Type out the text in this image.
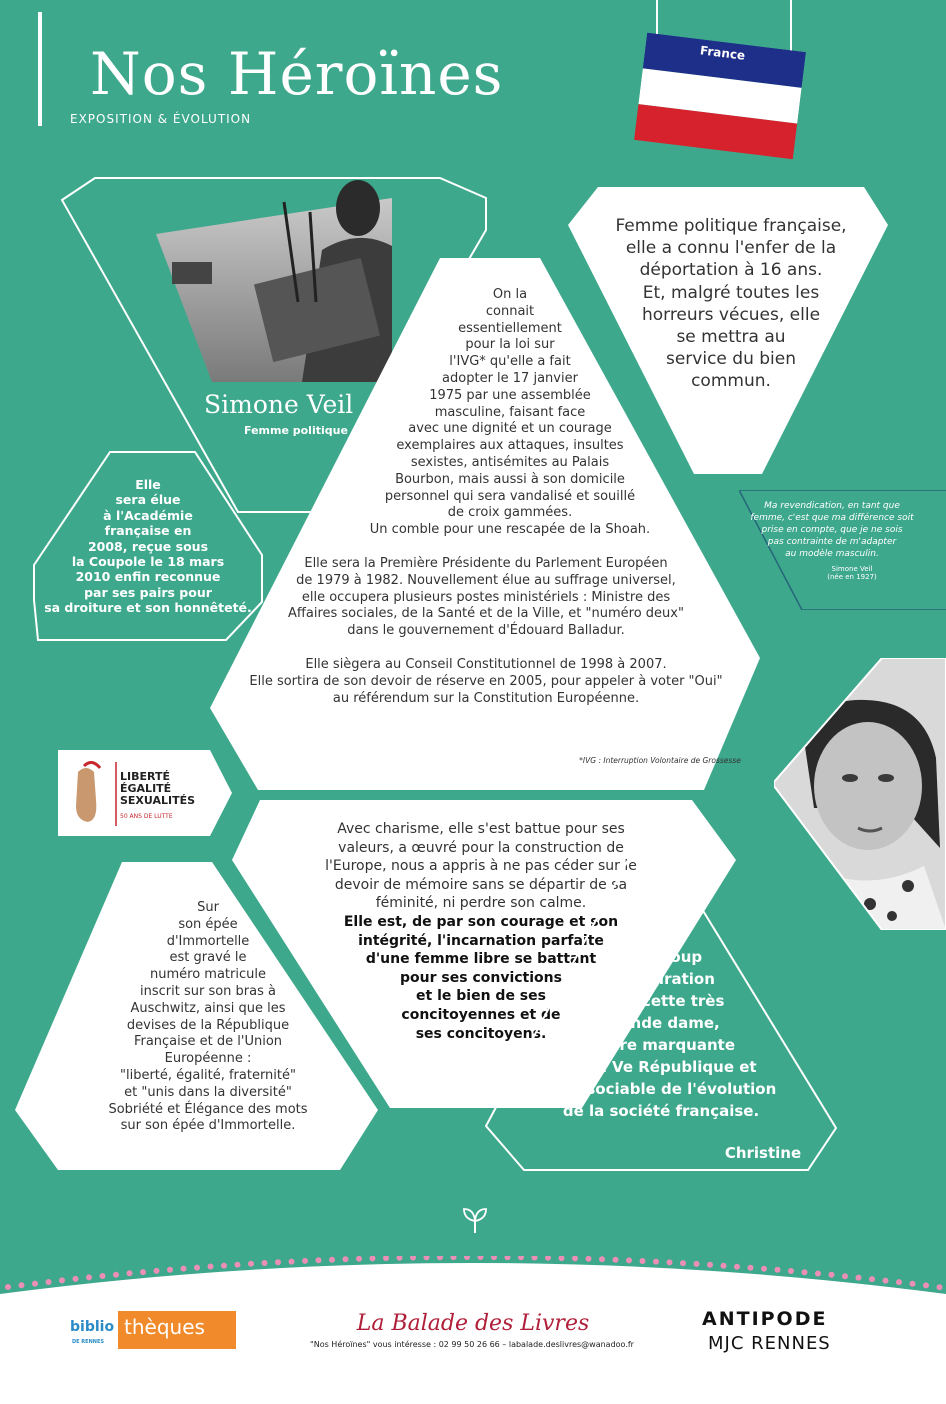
Nos Héroïnes
EXPOSITION & ÉVOLUTION
France
Simone Veil
Femme politique
On la
connait
essentiellement
pour la loi sur
l'IVG* qu'elle a fait
adopter le 17 janvier
1975 par une assemblée
masculine, faisant face
avec une dignité et un courage
exemplaires aux attaques, insultes
sexistes, antisémites au Palais
Bourbon, mais aussi à son domicile
personnel qui sera vandalisé et souillé
de croix gammées.
Un comble pour une rescapée de la Shoah.
Elle sera la Première Présidente du Parlement Européen
de 1979 à 1982. Nouvellement élue au suffrage universel,
elle occupera plusieurs postes ministériels : Ministre des
Affaires sociales, de la Santé et de la Ville, et "numéro deux"
dans le gouvernement d'Édouard Balladur.
Elle siègera au Conseil Constitutionnel de 1998 à 2007.
Elle sortira de son devoir de réserve en 2005, pour appeler à voter "Oui"
au référendum sur la Constitution Européenne.
*IVG : Interruption Volontaire de Grossesse
Femme politique française,
elle a connu l'enfer de la
déportation à 16 ans.
Et, malgré toutes les
horreurs vécues, elle
se mettra au
service du bien
commun.
Elle
sera élue
à l'Académie
française en
2008, reçue sous
la Coupole le 18 mars
2010 enfin reconnue
par ses pairs pour
sa droiture et son honnêteté.
Ma revendication, en tant que
femme, c'est que ma différence soit
prise en compte, que je ne sois
pas contrainte de m'adapter
au modèle masculin.
Simone Veil
(née en 1927)
LIBERTÉ
ÉGALITÉ
SEXUALITÉS
50 ANS DE LUTTE
Avec charisme, elle s'est battue pour ses
valeurs, a œuvré pour la construction de
l'Europe, nous a appris à ne pas céder sur le
devoir de mémoire sans se départir de sa
féminité, ni perdre son calme.
Elle est, de par son courage et son
intégrité, l'incarnation parfaite
d'une femme libre se battant
pour ses convictions
et le bien de ses
concitoyennes et de
ses concitoyens.
Sur
son épée
d'Immortelle
est gravé le
numéro matricule
inscrit sur son bras à
Auschwitz, ainsi que les
devises de la République
Française et de l'Union
Européenne :
"liberté, égalité, fraternité"
et "unis dans la diversité"
Sobriété et Élégance des mots
sur son épée d'Immortelle.
J'ai
beaucoup
d'admiration
pour cette très
grande dame,
figure marquante
de la Ve République et
indissociable de l'évolution
de la société française.
Christine
biblio thèques
DE RENNES
La Balade des Livres
"Nos Héroïnes" vous intéresse : 02 99 50 26 66 – labalade.deslivres@wanadoo.fr
ANTIPODE
MJC RENNES
